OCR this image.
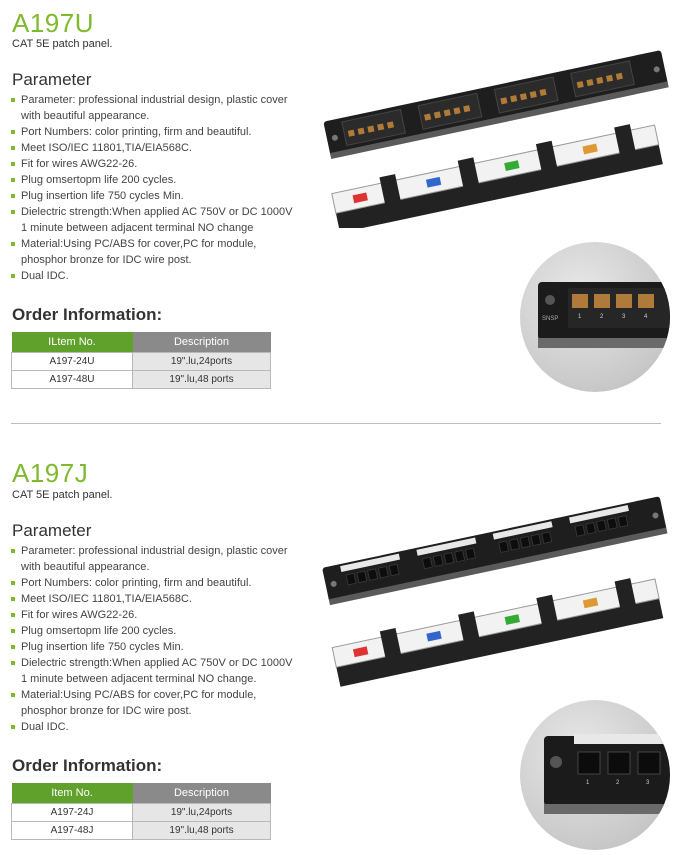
A197U
CAT 5E patch panel.
Parameter
Parameter: professional industrial design, plastic cover with beautiful appearance.
Port Numbers: color printing, firm and beautiful.
Meet ISO/IEC 11801,TIA/EIA568C.
Fit for wires AWG22-26.
Plug omsertopm life 200 cycles.
Plug insertion life 750 cycles Min.
Dielectric strength:When applied AC 750V or DC 1000V 1 minute between adjacent terminal NO change
Material:Using PC/ABS for cover,PC for module, phosphor bronze for IDC wire post.
Dual IDC.
Order Information:
ILtem No.	Description
A197-24U	19".lu,24ports
A197-48U	19".lu,48 ports
SNSP	1	2	3	4
A197J
CAT 5E patch panel.
Parameter
Parameter: professional industrial design, plastic cover with beautiful appearance.
Port Numbers: color printing, firm and beautiful.
Meet ISO/IEC 11801,TIA/EIA568C.
Fit for wires AWG22-26.
Plug omsertopm life 200 cycles.
Plug insertion life 750 cycles Min.
Dielectric strength:When applied AC 750V or DC 1000V 1 minute between adjacent terminal NO change.
Material:Using PC/ABS for cover,PC for module, phosphor bronze for IDC wire post.
Dual IDC.
Order Information:
Item No.	Description
A197-24J	19".lu,24ports
A197-48J	19".lu,48 ports
1	2	3
